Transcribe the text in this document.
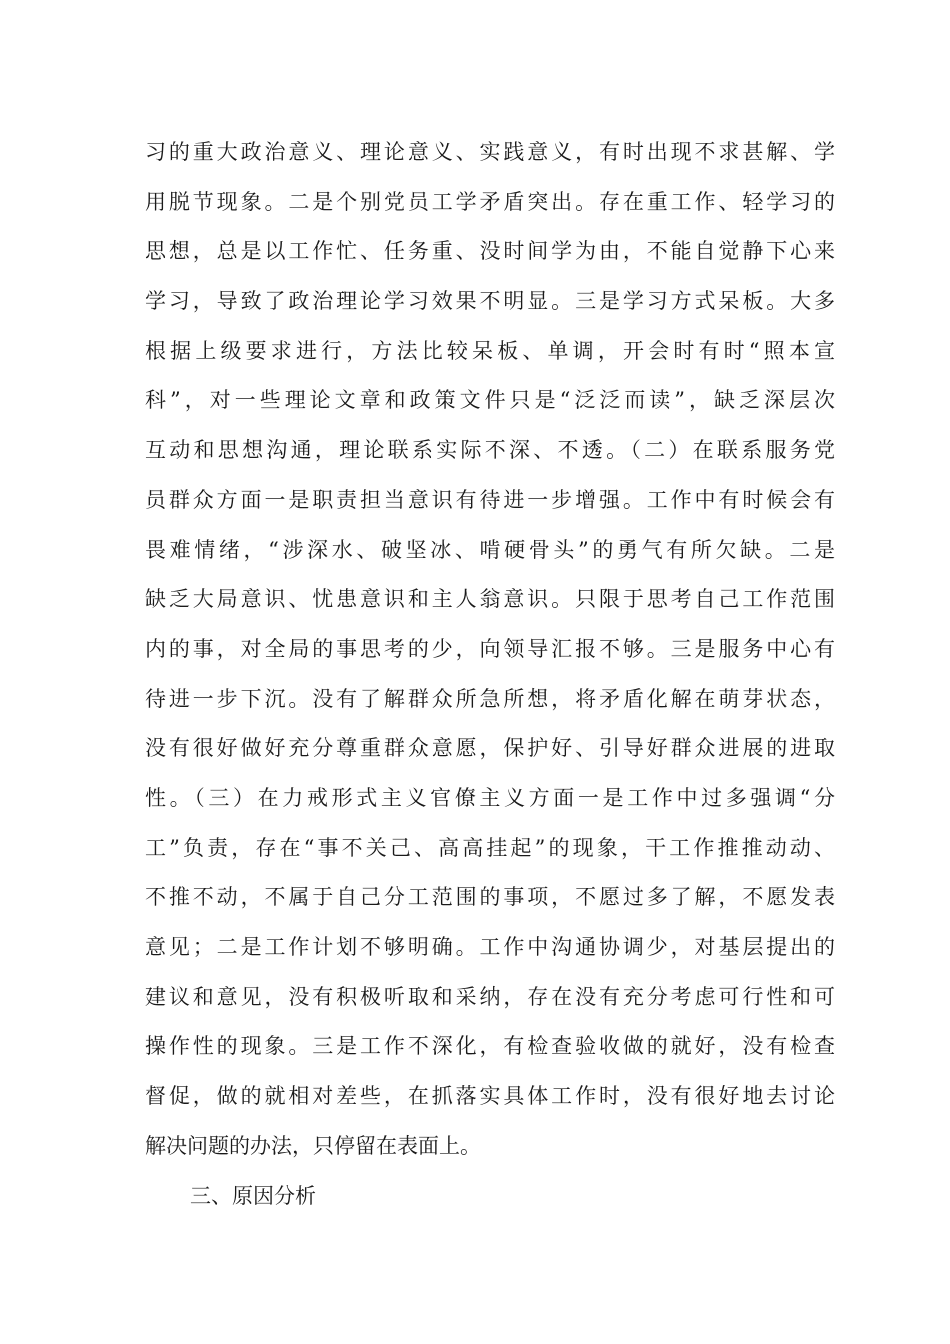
习的重大政治意义、理论意义、实践意义，有时出现不求甚解、学
用脱节现象。二是个别党员工学矛盾突出。存在重工作、轻学习的
思想，总是以工作忙、任务重、没时间学为由，不能自觉静下心来
学习，导致了政治理论学习效果不明显。三是学习方式呆板。大多
根据上级要求进行，方法比较呆板、单调，开会时有时“照本宣
科”，对一些理论文章和政策文件只是“泛泛而读”，缺乏深层次
互动和思想沟通，理论联系实际不深、不透。（二）在联系服务党
员群众方面一是职责担当意识有待进一步增强。工作中有时候会有
畏难情绪，“涉深水、破坚冰、啃硬骨头”的勇气有所欠缺。二是
缺乏大局意识、忧患意识和主人翁意识。只限于思考自己工作范围
内的事，对全局的事思考的少，向领导汇报不够。三是服务中心有
待进一步下沉。没有了解群众所急所想，将矛盾化解在萌芽状态，
没有很好做好充分尊重群众意愿，保护好、引导好群众进展的进取
性。（三）在力戒形式主义官僚主义方面一是工作中过多强调“分
工”负责，存在“事不关己、高高挂起”的现象，干工作推推动动、
不推不动，不属于自己分工范围的事项，不愿过多了解，不愿发表
意见；二是工作计划不够明确。工作中沟通协调少，对基层提出的
建议和意见，没有积极听取和采纳，存在没有充分考虑可行性和可
操作性的现象。三是工作不深化，有检查验收做的就好，没有检查
督促，做的就相对差些，在抓落实具体工作时，没有很好地去讨论
解决问题的办法，只停留在表面上。
三、原因分析
